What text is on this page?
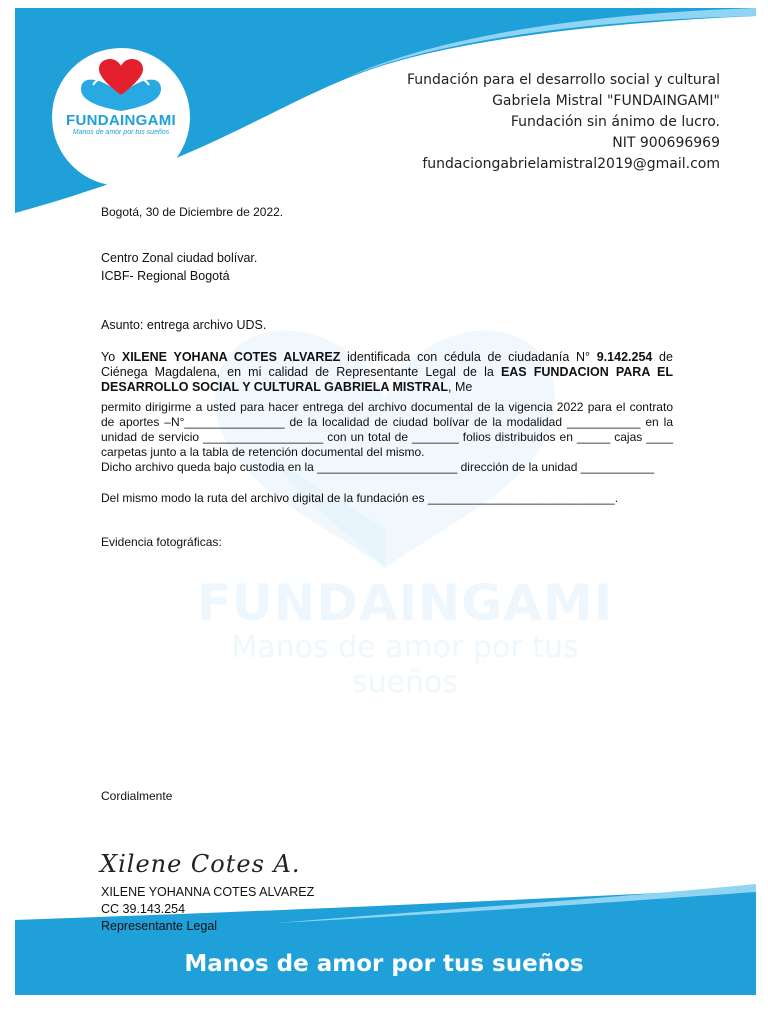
FUNDAINGAMI
Manos de amor por tus sueños
FUNDAINGAMI
Manos de amor por tus sueños
Fundación para el desarrollo social y cultural
Gabriela Mistral "FUNDAINGAMI"
Fundación sin ánimo de lucro.
NIT 900696969
fundaciongabrielamistral2019@gmail.com
Bogotá, 30 de Diciembre de 2022.
Centro Zonal ciudad bolívar.
ICBF- Regional Bogotá
Asunto: entrega archivo UDS.
Yo XILENE YOHANA COTES ALVAREZ identificada con cédula de ciudadanía N° 9.142.254 de Ciénega Magdalena, en mi calidad de Representante Legal de la EAS FUNDACION PARA EL DESARROLLO SOCIAL Y CULTURAL GABRIELA MISTRAL, Me
permito dirigirme a usted para hacer entrega del archivo documental de la vigencia 2022 para el contrato de aportes –N°_______________ de la localidad de ciudad bolívar de la modalidad ___________ en la unidad de servicio __________________ con un total de _______ folios distribuidos en _____ cajas ____ carpetas junto a la tabla de retención documental del mismo.
Dicho archivo queda bajo custodia en la _____________________ dirección de la unidad ___________
Del mismo modo la ruta del archivo digital de la fundación es ____________________________.
Evidencia fotográficas:
Cordialmente
Xilene Cotes A.
XILENE YOHANNA COTES ALVAREZ
CC 39.143.254
Representante Legal
Manos de amor por tus sueños
